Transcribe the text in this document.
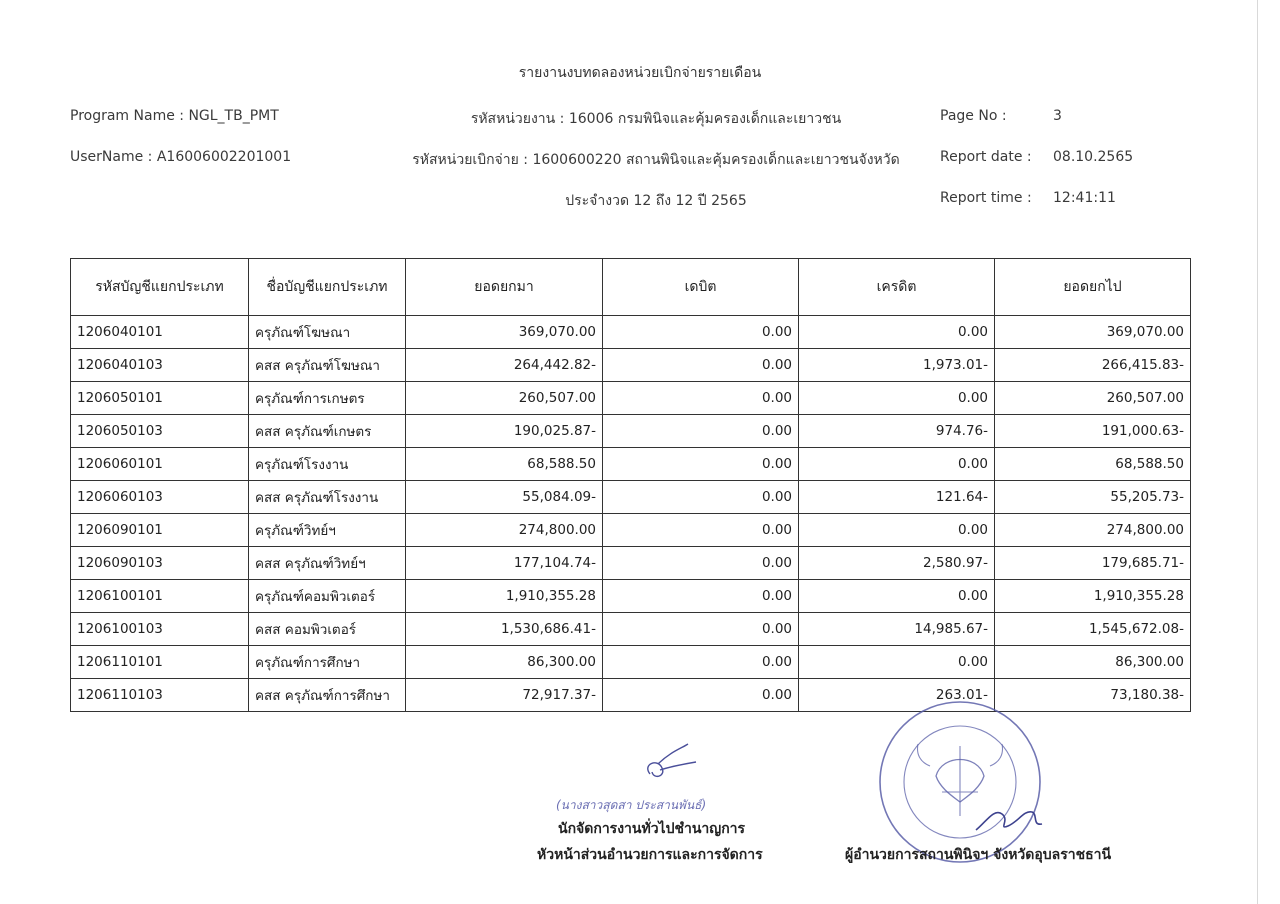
รายงานงบทดลองหน่วยเบิกจ่ายรายเดือน
Program Name : NGL_TB_PMT
UserName : A16006002201001
รหัสหน่วยงาน : 16006 กรมพินิจและคุ้มครองเด็กและเยาวชน
รหัสหน่วยเบิกจ่าย : 1600600220 สถานพินิจและคุ้มครองเด็กและเยาวชนจังหวัด
ประจำงวด 12 ถึง 12 ปี 2565
Page No :	3
Report date : 08.10.2565
Report time : 12:41:11
รหัสบัญชีแยกประเภท	ชื่อบัญชีแยกประเภท	ยอดยกมา	เดบิต	เครดิต	ยอดยกไป
1206040101	ครุภัณฑ์โฆษณา	369,070.00	0.00	0.00	369,070.00
1206040103	คสส ครุภัณฑ์โฆษณา	264,442.82-	0.00	1,973.01-	266,415.83-
1206050101	ครุภัณฑ์การเกษตร	260,507.00	0.00	0.00	260,507.00
1206050103	คสส ครุภัณฑ์เกษตร	190,025.87-	0.00	974.76-	191,000.63-
1206060101	ครุภัณฑ์โรงงาน	68,588.50	0.00	0.00	68,588.50
1206060103	คสส ครุภัณฑ์โรงงาน	55,084.09-	0.00	121.64-	55,205.73-
1206090101	ครุภัณฑ์วิทย์ฯ	274,800.00	0.00	0.00	274,800.00
1206090103	คสส ครุภัณฑ์วิทย์ฯ	177,104.74-	0.00	2,580.97-	179,685.71-
1206100101	ครุภัณฑ์คอมพิวเตอร์	1,910,355.28	0.00	0.00	1,910,355.28
1206100103	คสส คอมพิวเตอร์	1,530,686.41-	0.00	14,985.67-	1,545,672.08-
1206110101	ครุภัณฑ์การศึกษา	86,300.00	0.00	0.00	86,300.00
1206110103	คสส ครุภัณฑ์การศึกษา	72,917.37-	0.00	263.01-	73,180.38-
(นางสาวสุดสา ประสานพันธ์)
นักจัดการงานทั่วไปชำนาญการ
หัวหน้าส่วนอำนวยการและการจัดการ	ผู้อำนวยการสถานพินิจฯ จังหวัดอุบลราชธานี
